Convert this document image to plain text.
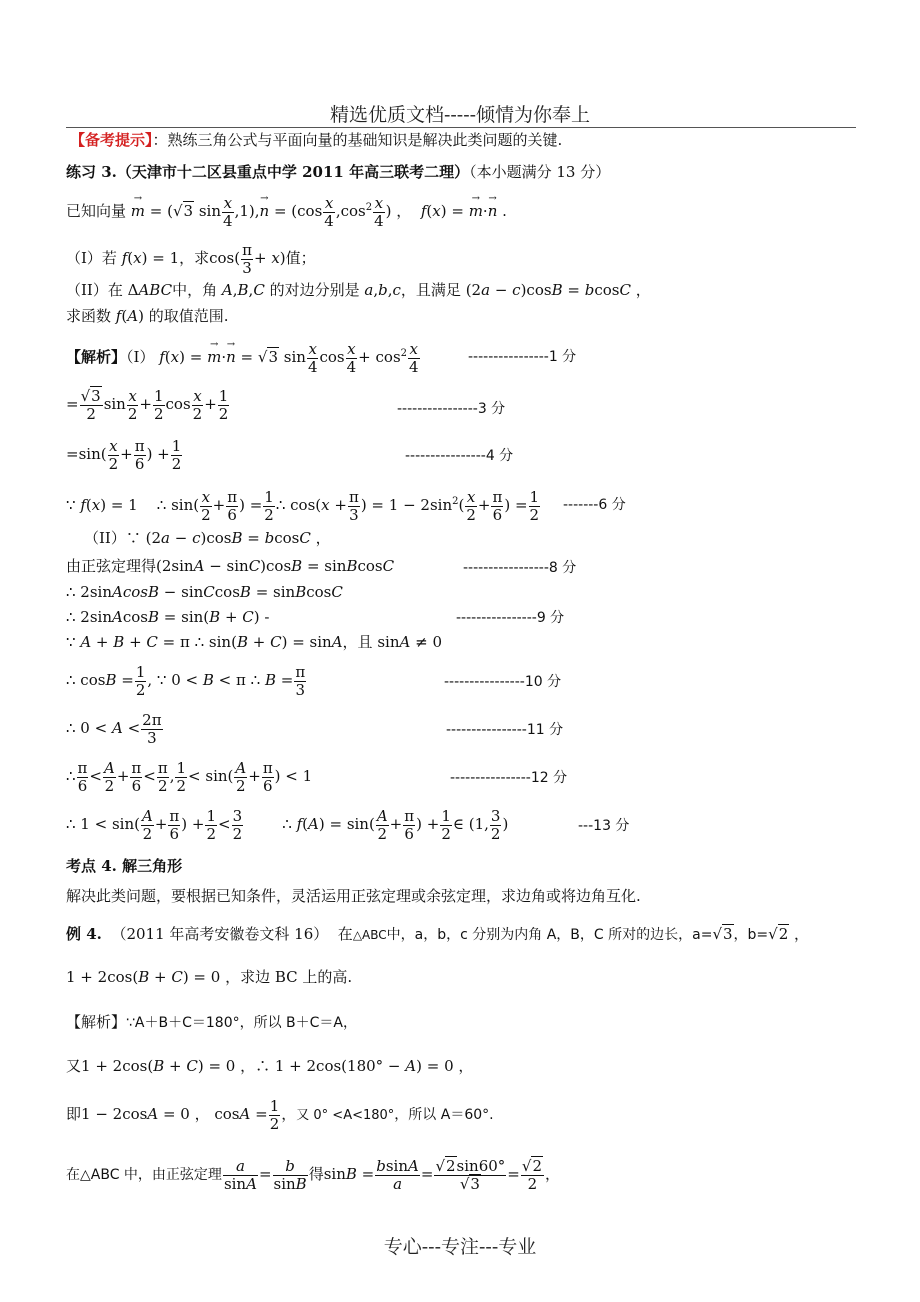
精选优质文档-----倾情为你奉上
【备考提示】：熟练三角公式与平面向量的基础知识是解决此类问题的关键.
练习 3.（天津市十二区县重点中学 2011 年高三联考二理）（本小题满分 13 分）
已知向量 → m = (√3 $\sin \frac{x}{4} ,1),\to n = (\cos \frac{x}{4} ,\cos^2 \frac{x}{4}$ ) ，  f(x) = → m·→ n .
（I）若 f(x) = 1，求$\cos( \frac{\pi}{3} + x)$值；
（II）在 ΔABC中，角 A,B,C 的对边分别是 a,b,c，且满足 (2a − c)cosB = bcosC ，
求函数 f(A) 的取值范围.
【解析】（I） f(x) = → m·→ n = √3 $\sin \frac{x}{4}$ $\cos \frac{x}{4} + \cos^2 \frac{x}{4}$	----------------1 分
= $\frac{√3}{2}$ $\sin \frac{x}{2} + \frac{1}{2}$ $\cos \frac{x}{2} + \frac{1}{2}$	----------------3 分
$=\sin( \frac{x}{2} + \frac{\pi}{6}$ ) + $\frac{1}{2}$	----------------4 分
∵ f(x) = 1    ∴ $\sin( \frac{x}{2} + \frac{\pi}{6}$ ) = $\frac{1}{2}$ ∴ $\cos(x + \frac{\pi}{3}$ ) = $1 - 2\sin^2( \frac{x}{2} + \frac{\pi}{6}$ ) = $\frac{1}{2} -------6$ 分
（II）∵ (2a − c)cosB = bcosC ，
由正弦定理得(2sinA − sinC)cosB = sinBcosC	-----------------8 分
∴ 2sinAcosB − sinCcosB = sinBcosC
∴ 2sinAcosB = sin(B + C) -	----------------9 分
∵ A + B + C = π ∴ sin(B + C) = sinA，且 sinA ≠ 0
∴ $\cos B = \frac{1}{2}$ , ∵ 0 < B < π ∴ $B = \frac{\pi}{3}$	----------------10 分
∴ $0 < A < \frac{2\pi}{3}$	----------------11 分
∴ $\frac{\pi}{6} < \frac{A}{2} + \frac{\pi}{6} < \frac{\pi}{2}$ , $\frac{1}{2} < \sin( \frac{A}{2} + \frac{\pi}{6}$ ) < 1	----------------12 分
∴ $1 < \sin( \frac{A}{2} + \frac{\pi}{6}$ ) + $\frac{1}{2} < \frac{3}{2}$ ∴ $f(A) = \sin( \frac{A}{2} + \frac{\pi}{6}$ ) + $\frac{1}{2}$ ∈ (1, $\frac{3}{2}$ )	---13 分
考点 4. 解三角形
解决此类问题，要根据已知条件，灵活运用正弦定理或余弦定理，求边角或将边角互化.
例 4. （2011 年高考安徽卷文科 16） 在△ABC中，a，b，c 分别为内角 A，B，C 所对的边长，a=√3，b=√2 ，
1 + 2cos(B + C) = 0 ，求边 BC 上的高.
【解析】∵A＋B＋C＝180°，所以 B＋C＝A，
又1 + 2cos(B + C) = 0 ，∴ 1 + 2cos(180° − A) = 0 ，
即1 − 2cosA = 0 ， $\cos A = \frac{1}{2}$ ，又 0° <A<180°，所以 A＝60°.
在△ABC 中，由正弦定理 $\frac{a}{\sin A} = \frac{b}{\sin B}$ 得$\sin B = \frac{bsinA}{a} = \frac{√2\sin 60^\circ}{√3} = \frac{√2}{2}$ ，
专心---专注---专业
